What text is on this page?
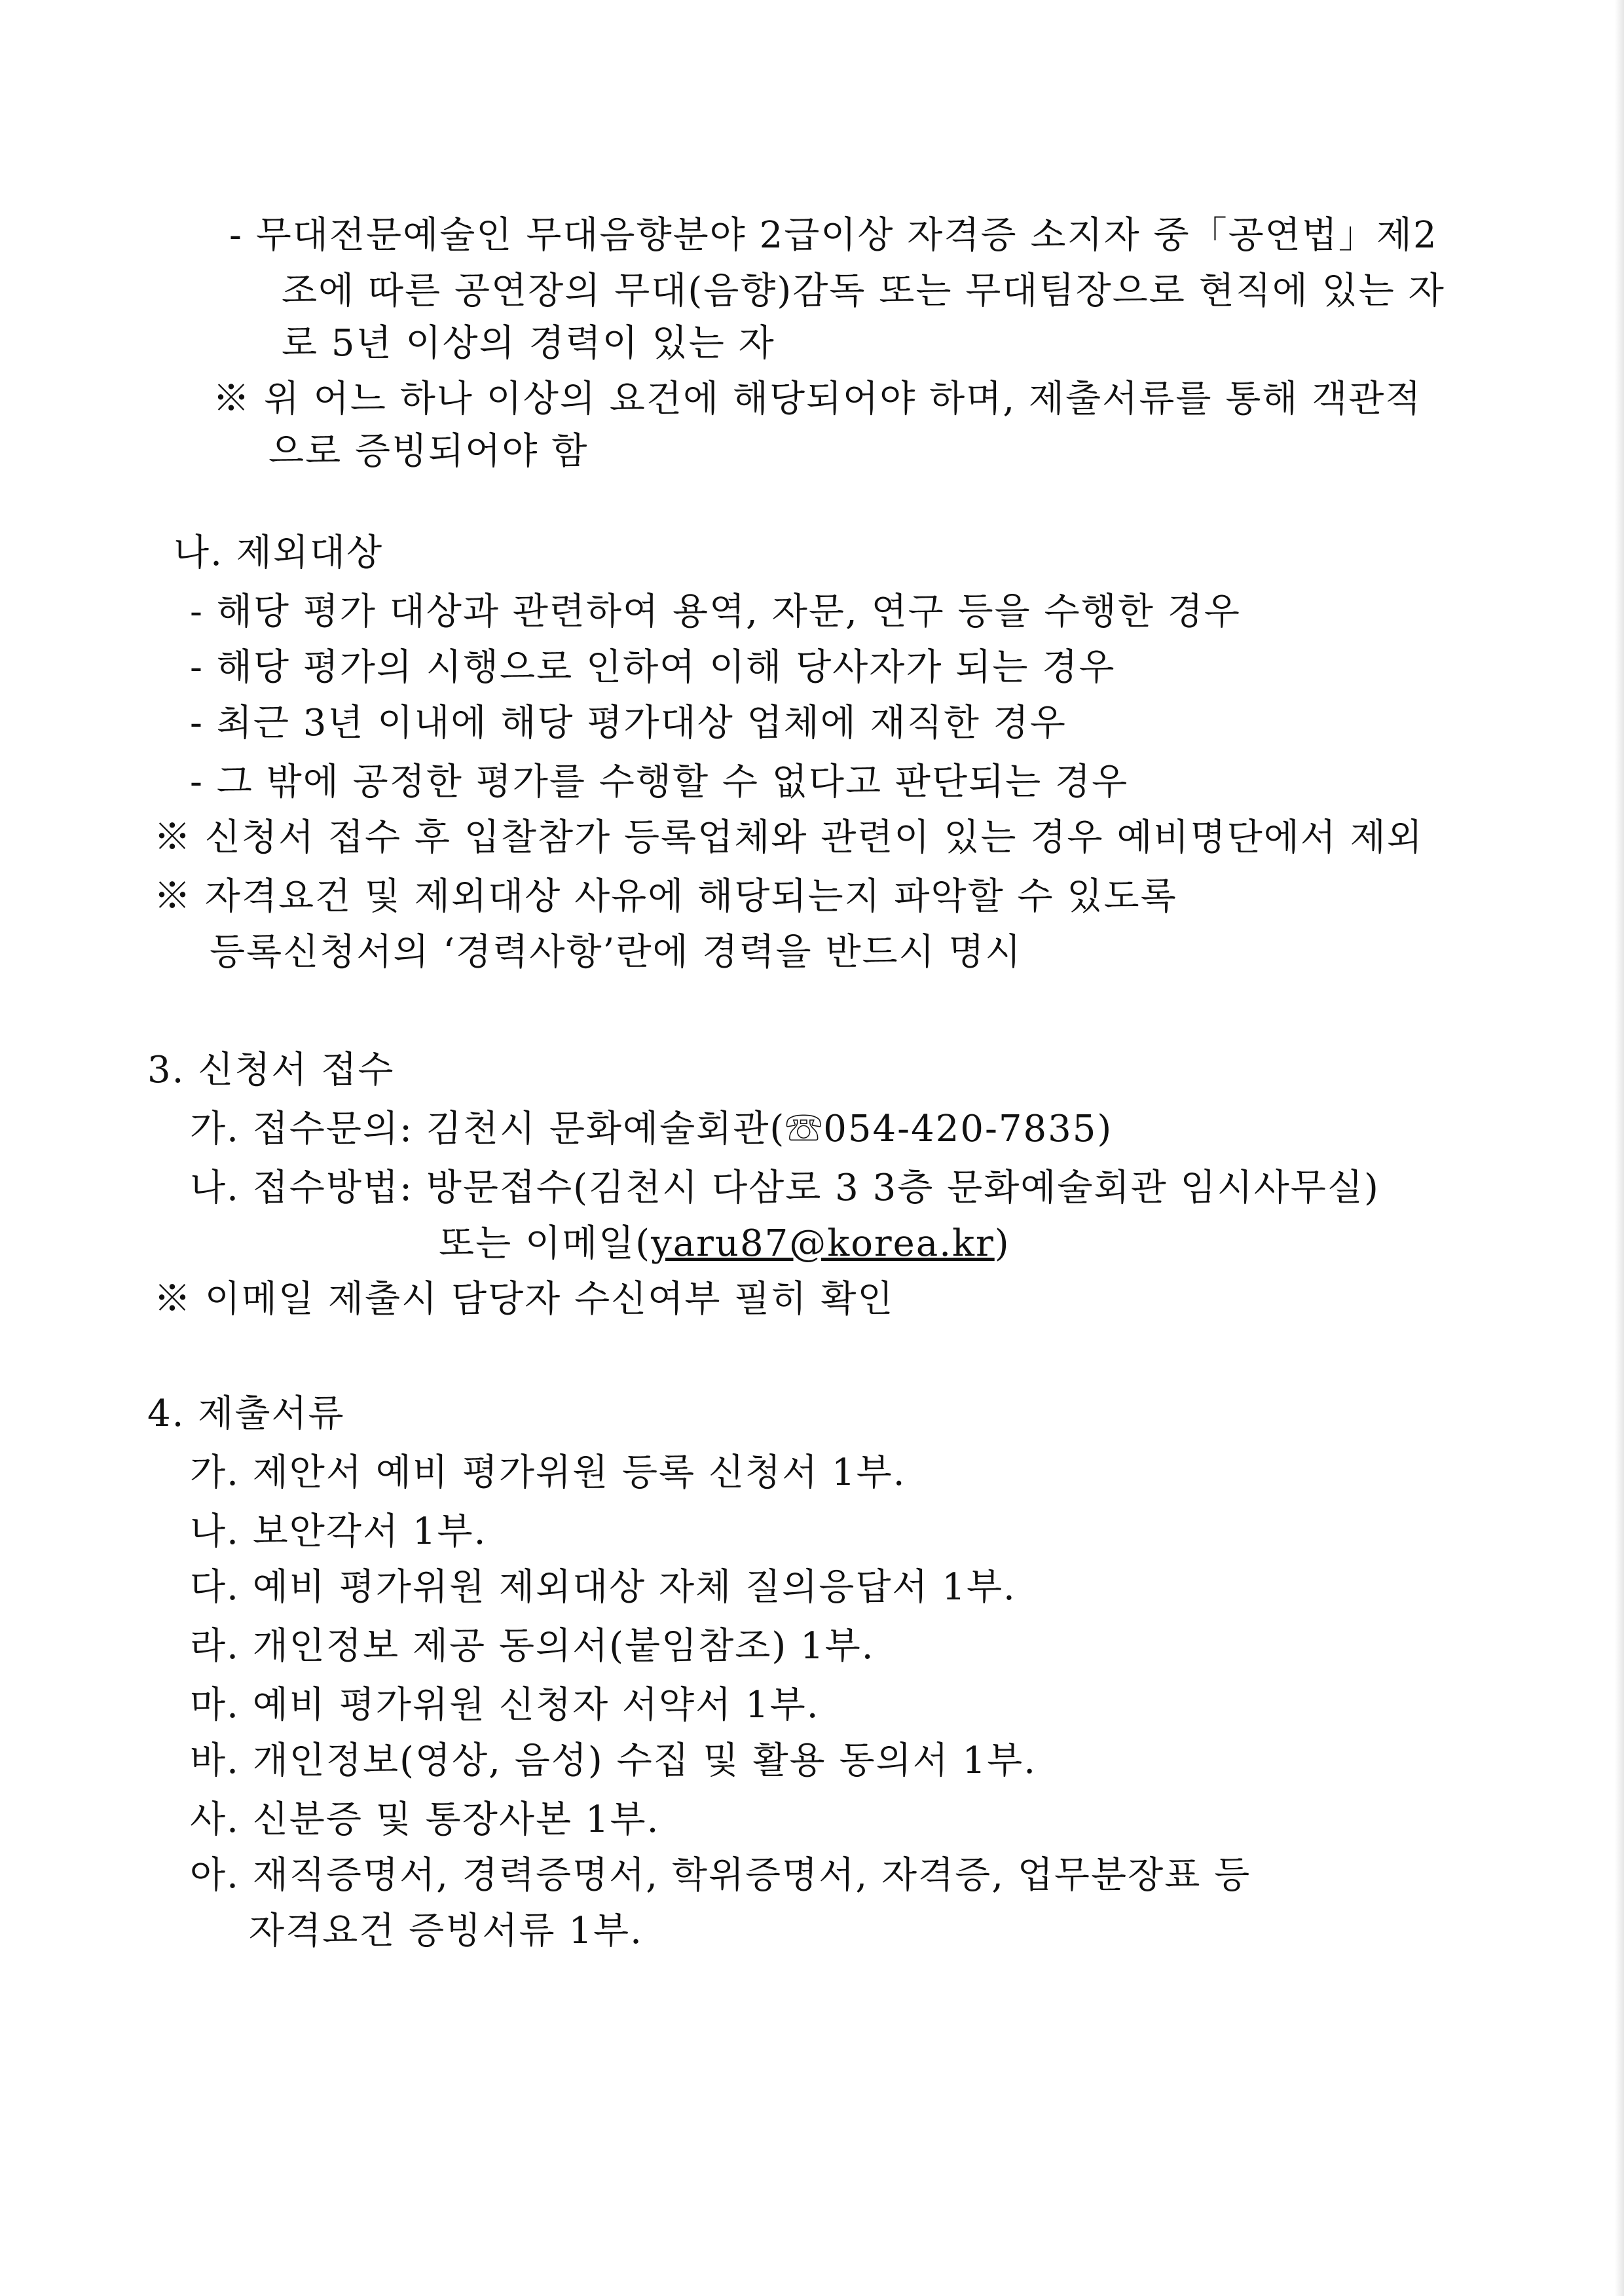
- 무대전문예술인 무대음향분야 2급이상 자격증 소지자 중「공연법」제2
조에 따른 공연장의 무대(음향)감독 또는 무대팀장으로 현직에 있는 자
로 5년 이상의 경력이 있는 자
※ 위 어느 하나 이상의 요건에 해당되어야 하며, 제출서류를 통해 객관적
으로 증빙되어야 함
나. 제외대상
- 해당 평가 대상과 관련하여 용역, 자문, 연구 등을 수행한 경우
- 해당 평가의 시행으로 인하여 이해 당사자가 되는 경우
- 최근 3년 이내에 해당 평가대상 업체에 재직한 경우
- 그 밖에 공정한 평가를 수행할 수 없다고 판단되는 경우
※ 신청서 접수 후 입찰참가 등록업체와 관련이 있는 경우 예비명단에서 제외
※ 자격요건 및 제외대상 사유에 해당되는지 파악할 수 있도록
등록신청서의 ‘경력사항’란에 경력을 반드시 명시
3. 신청서 접수
가. 접수문의: 김천시 문화예술회관(☏054-420-7835)
나. 접수방법: 방문접수(김천시 다삼로 3 3층 문화예술회관 임시사무실)
또는 이메일(yaru87@korea.kr)
※ 이메일 제출시 담당자 수신여부 필히 확인
4. 제출서류
가. 제안서 예비 평가위원 등록 신청서 1부.
나. 보안각서 1부.
다. 예비 평가위원 제외대상 자체 질의응답서 1부.
라. 개인정보 제공 동의서(붙임참조) 1부.
마. 예비 평가위원 신청자 서약서 1부.
바. 개인정보(영상, 음성) 수집 및 활용 동의서 1부.
사. 신분증 및 통장사본 1부.
아. 재직증명서, 경력증명서, 학위증명서, 자격증, 업무분장표 등
자격요건 증빙서류 1부.
